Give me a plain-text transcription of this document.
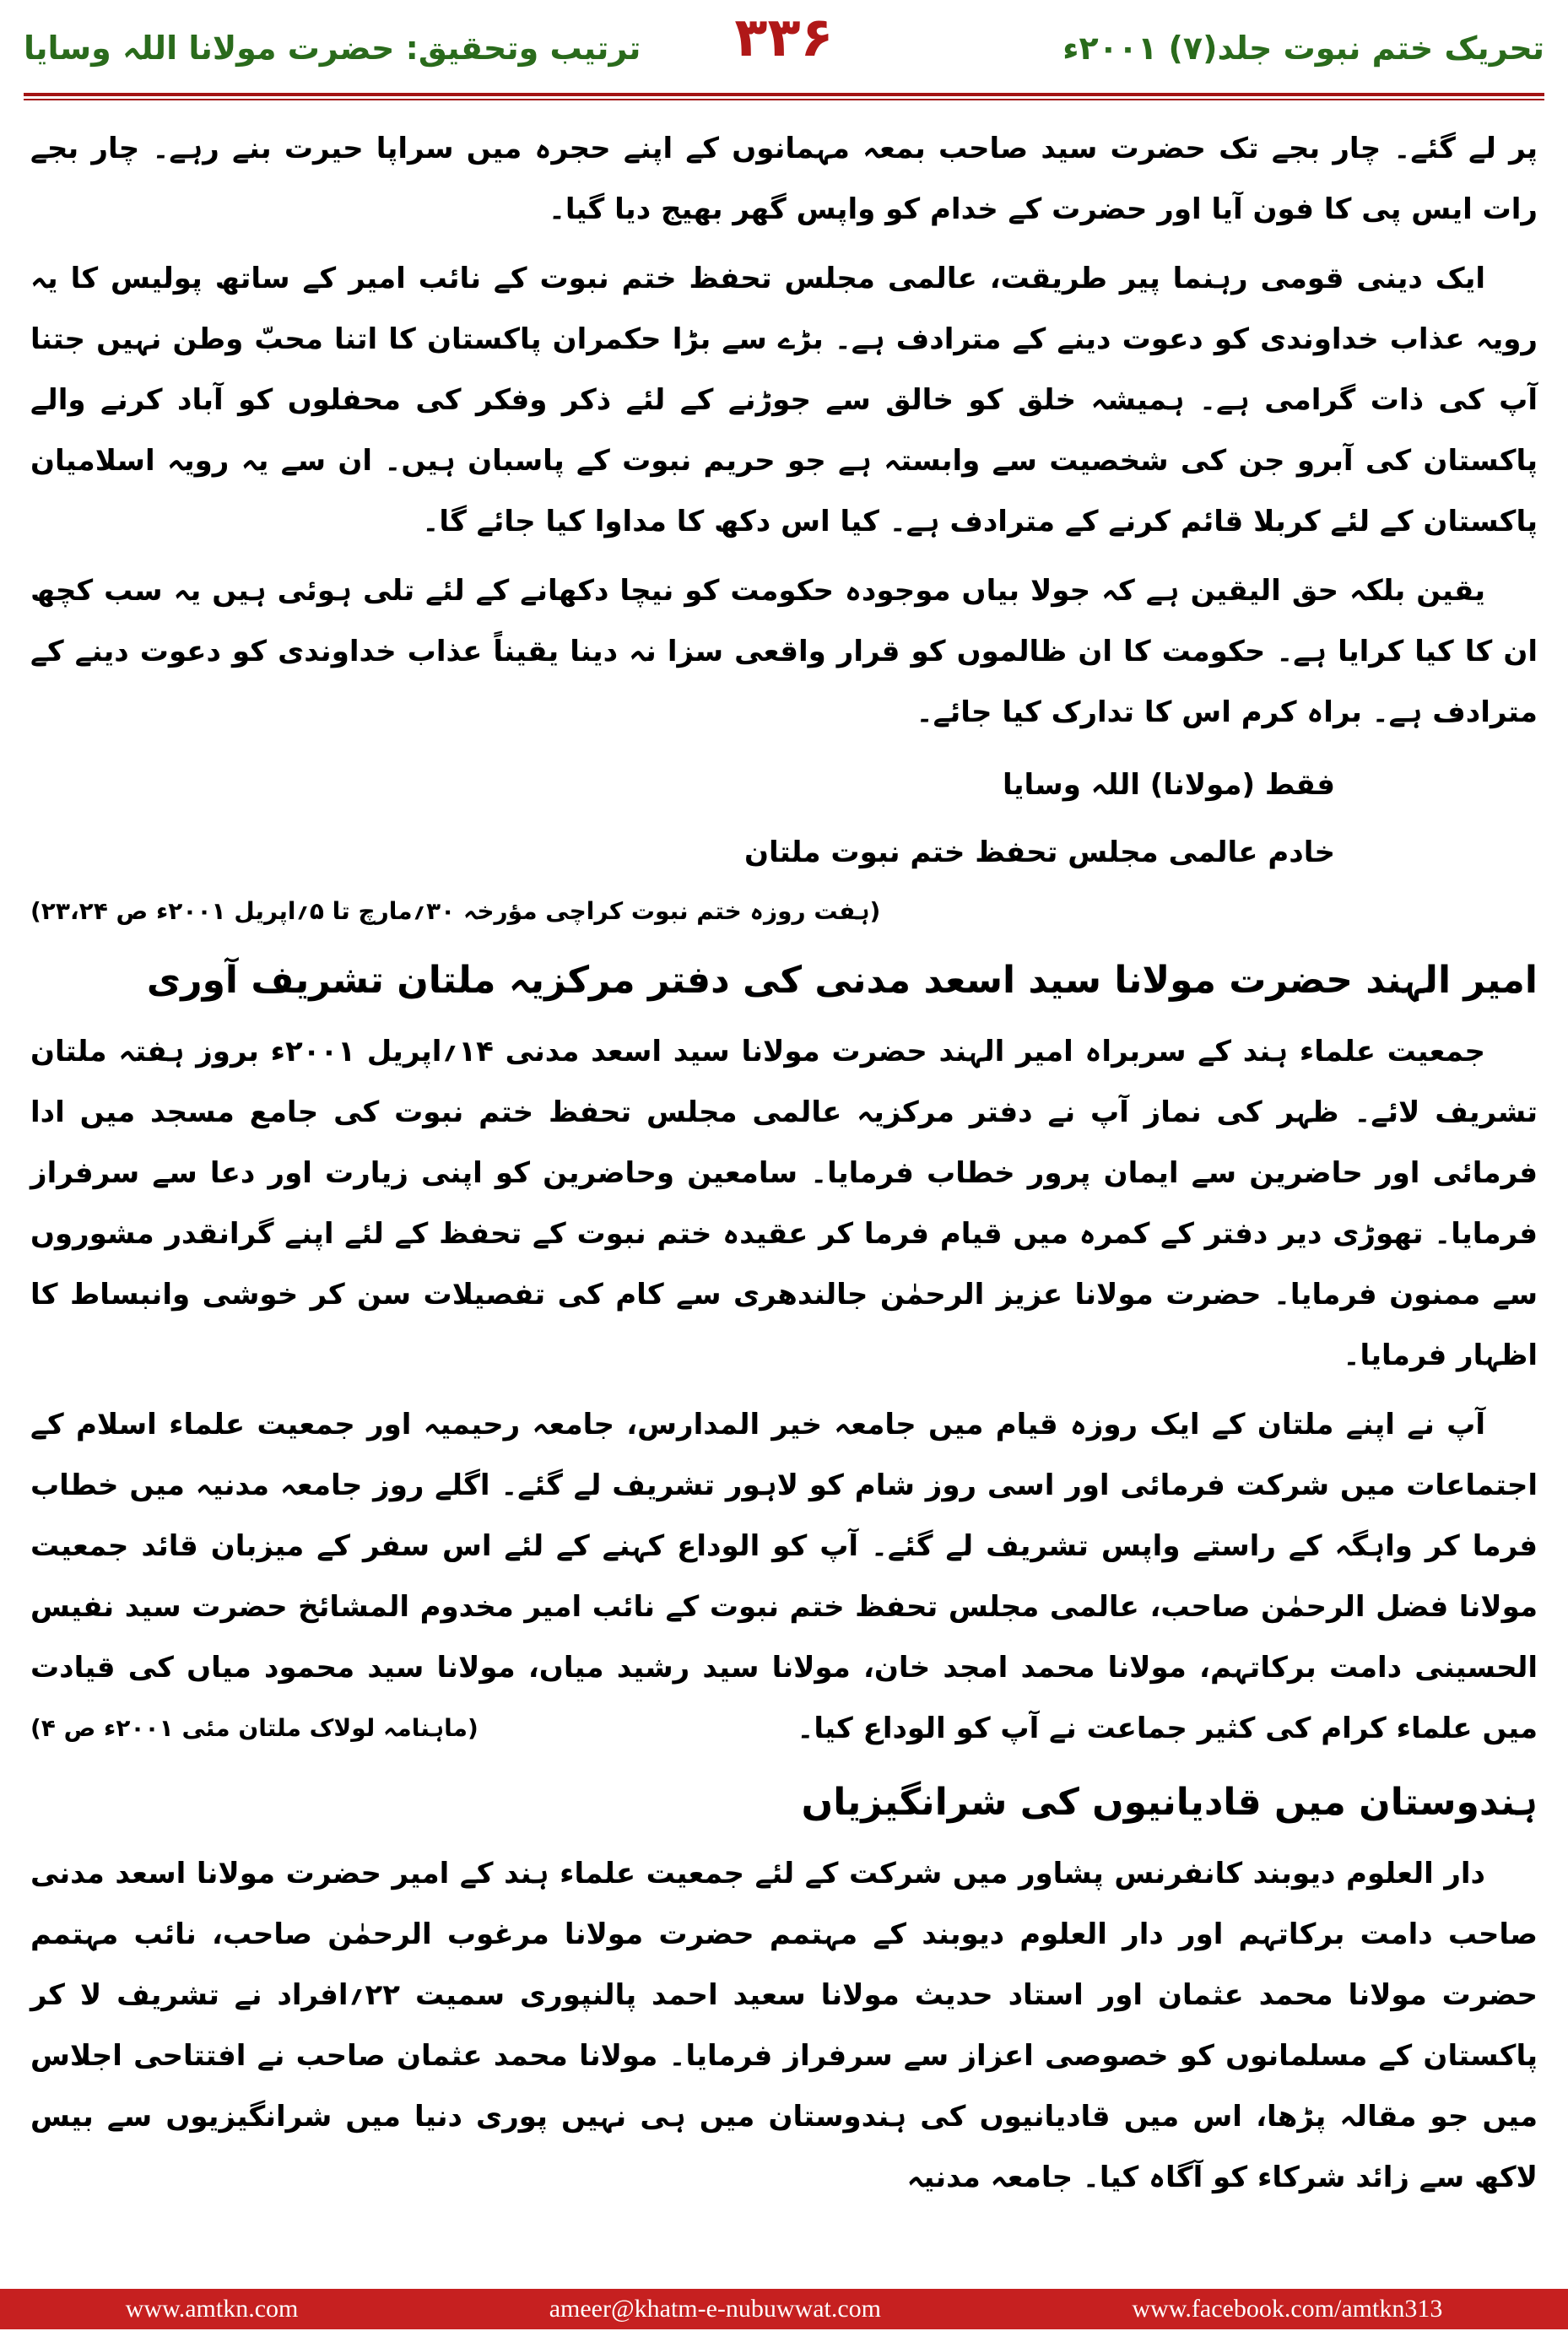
تحریک ختم نبوت جلد(۷) ۲۰۰۱ء
۳۳۶
ترتیب وتحقیق: حضرت مولانا اللہ وسایا

پر لے گئے۔ چار بجے تک حضرت سید صاحب بمعہ مہمانوں کے اپنے حجرہ میں سراپا حیرت بنے رہے۔ چار بجے رات ایس پی کا فون آیا اور حضرت کے خدام کو واپس گھر بھیج دیا گیا۔

ایک دینی قومی رہنما پیر طریقت، عالمی مجلس تحفظ ختم نبوت کے نائب امیر کے ساتھ پولیس کا یہ رویہ عذاب خداوندی کو دعوت دینے کے مترادف ہے۔ بڑے سے بڑا حکمران پاکستان کا اتنا محبّ وطن نہیں جتنا آپ کی ذات گرامی ہے۔ ہمیشہ خلق کو خالق سے جوڑنے کے لئے ذکر وفکر کی محفلوں کو آباد کرنے والے پاکستان کی آبرو جن کی شخصیت سے وابستہ ہے جو حریم نبوت کے پاسبان ہیں۔ ان سے یہ رویہ اسلامیان پاکستان کے لئے کربلا قائم کرنے کے مترادف ہے۔ کیا اس دکھ کا مداوا کیا جائے گا۔

یقین بلکہ حق الیقین ہے کہ جولا بیاں موجودہ حکومت کو نیچا دکھانے کے لئے تلی ہوئی ہیں یہ سب کچھ ان کا کیا کرایا ہے۔ حکومت کا ان ظالموں کو قرار واقعی سزا نہ دینا یقیناً عذاب خداوندی کو دعوت دینے کے مترادف ہے۔ براہ کرم اس کا تدارک کیا جائے۔

فقط (مولانا) اللہ وسایا
خادم عالمی مجلس تحفظ ختم نبوت ملتان
(ہفت روزہ ختم نبوت کراچی مؤرخہ ۳۰؍مارچ تا ۵؍اپریل ۲۰۰۱ء ص ۲۳،۲۴)
امیر الہند حضرت مولانا سید اسعد مدنی کی دفتر مرکزیہ ملتان تشریف آوری

جمعیت علماء ہند کے سربراہ امیر الہند حضرت مولانا سید اسعد مدنی ۱۴؍اپریل ۲۰۰۱ء بروز ہفتہ ملتان تشریف لائے۔ ظہر کی نماز آپ نے دفتر مرکزیہ عالمی مجلس تحفظ ختم نبوت کی جامع مسجد میں ادا فرمائی اور حاضرین سے ایمان پرور خطاب فرمایا۔ سامعین وحاضرین کو اپنی زیارت اور دعا سے سرفراز فرمایا۔ تھوڑی دیر دفتر کے کمرہ میں قیام فرما کر عقیدہ ختم نبوت کے تحفظ کے لئے اپنے گرانقدر مشوروں سے ممنون فرمایا۔ حضرت مولانا عزیز الرحمٰن جالندھری سے کام کی تفصیلات سن کر خوشی وانبساط کا اظہار فرمایا۔

آپ نے اپنے ملتان کے ایک روزہ قیام میں جامعہ خیر المدارس، جامعہ رحیمیہ اور جمعیت علماء اسلام کے اجتماعات میں شرکت فرمائی اور اسی روز شام کو لاہور تشریف لے گئے۔ اگلے روز جامعہ مدنیہ میں خطاب فرما کر واہگہ کے راستے واپس تشریف لے گئے۔ آپ کو الوداع کہنے کے لئے اس سفر کے میزبان قائد جمعیت مولانا فضل الرحمٰن صاحب، عالمی مجلس تحفظ ختم نبوت کے نائب امیر مخدوم المشائخ حضرت سید نفیس الحسینی دامت برکاتہم، مولانا محمد امجد خان، مولانا سید رشید میاں، مولانا سید محمود میاں کی قیادت میں علماء کرام کی کثیر جماعت نے آپ کو الوداع کیا۔
(ماہنامہ لولاک ملتان مئی ۲۰۰۱ء ص ۴)

ہندوستان میں قادیانیوں کی شرانگیزیاں

دار العلوم دیوبند کانفرنس پشاور میں شرکت کے لئے جمعیت علماء ہند کے امیر حضرت مولانا اسعد مدنی صاحب دامت برکاتہم اور دار العلوم دیوبند کے مہتمم حضرت مولانا مرغوب الرحمٰن صاحب، نائب مہتمم حضرت مولانا محمد عثمان اور استاد حدیث مولانا سعید احمد پالنپوری سمیت ۲۲؍افراد نے تشریف لا کر پاکستان کے مسلمانوں کو خصوصی اعزاز سے سرفراز فرمایا۔ مولانا محمد عثمان صاحب نے افتتاحی اجلاس میں جو مقالہ پڑھا، اس میں قادیانیوں کی ہندوستان میں ہی نہیں پوری دنیا میں شرانگیزیوں سے بیس لاکھ سے زائد شرکاء کو آگاہ کیا۔ جامعہ مدنیہ

www.amtkn.com	ameer@khatm-e-nubuwwat.com	www.facebook.com/amtkn313
